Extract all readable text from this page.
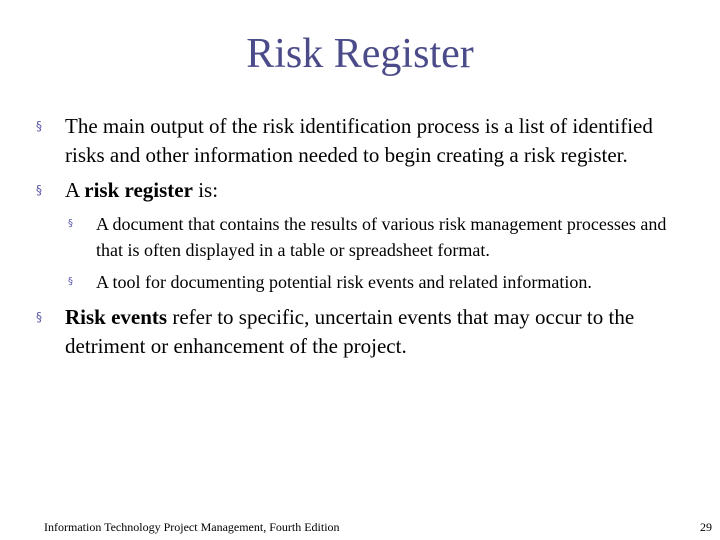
Risk Register
§ The main output of the risk identification process is a list of identified risks and other information needed to begin creating a risk register.
§ A risk register is:
§ A document that contains the results of various risk management processes and that is often displayed in a table or spreadsheet format.
§ A tool for documenting potential risk events and related information.
§ Risk events refer to specific, uncertain events that may occur to the detriment or enhancement of the project.
Information Technology Project Management, Fourth Edition	29
